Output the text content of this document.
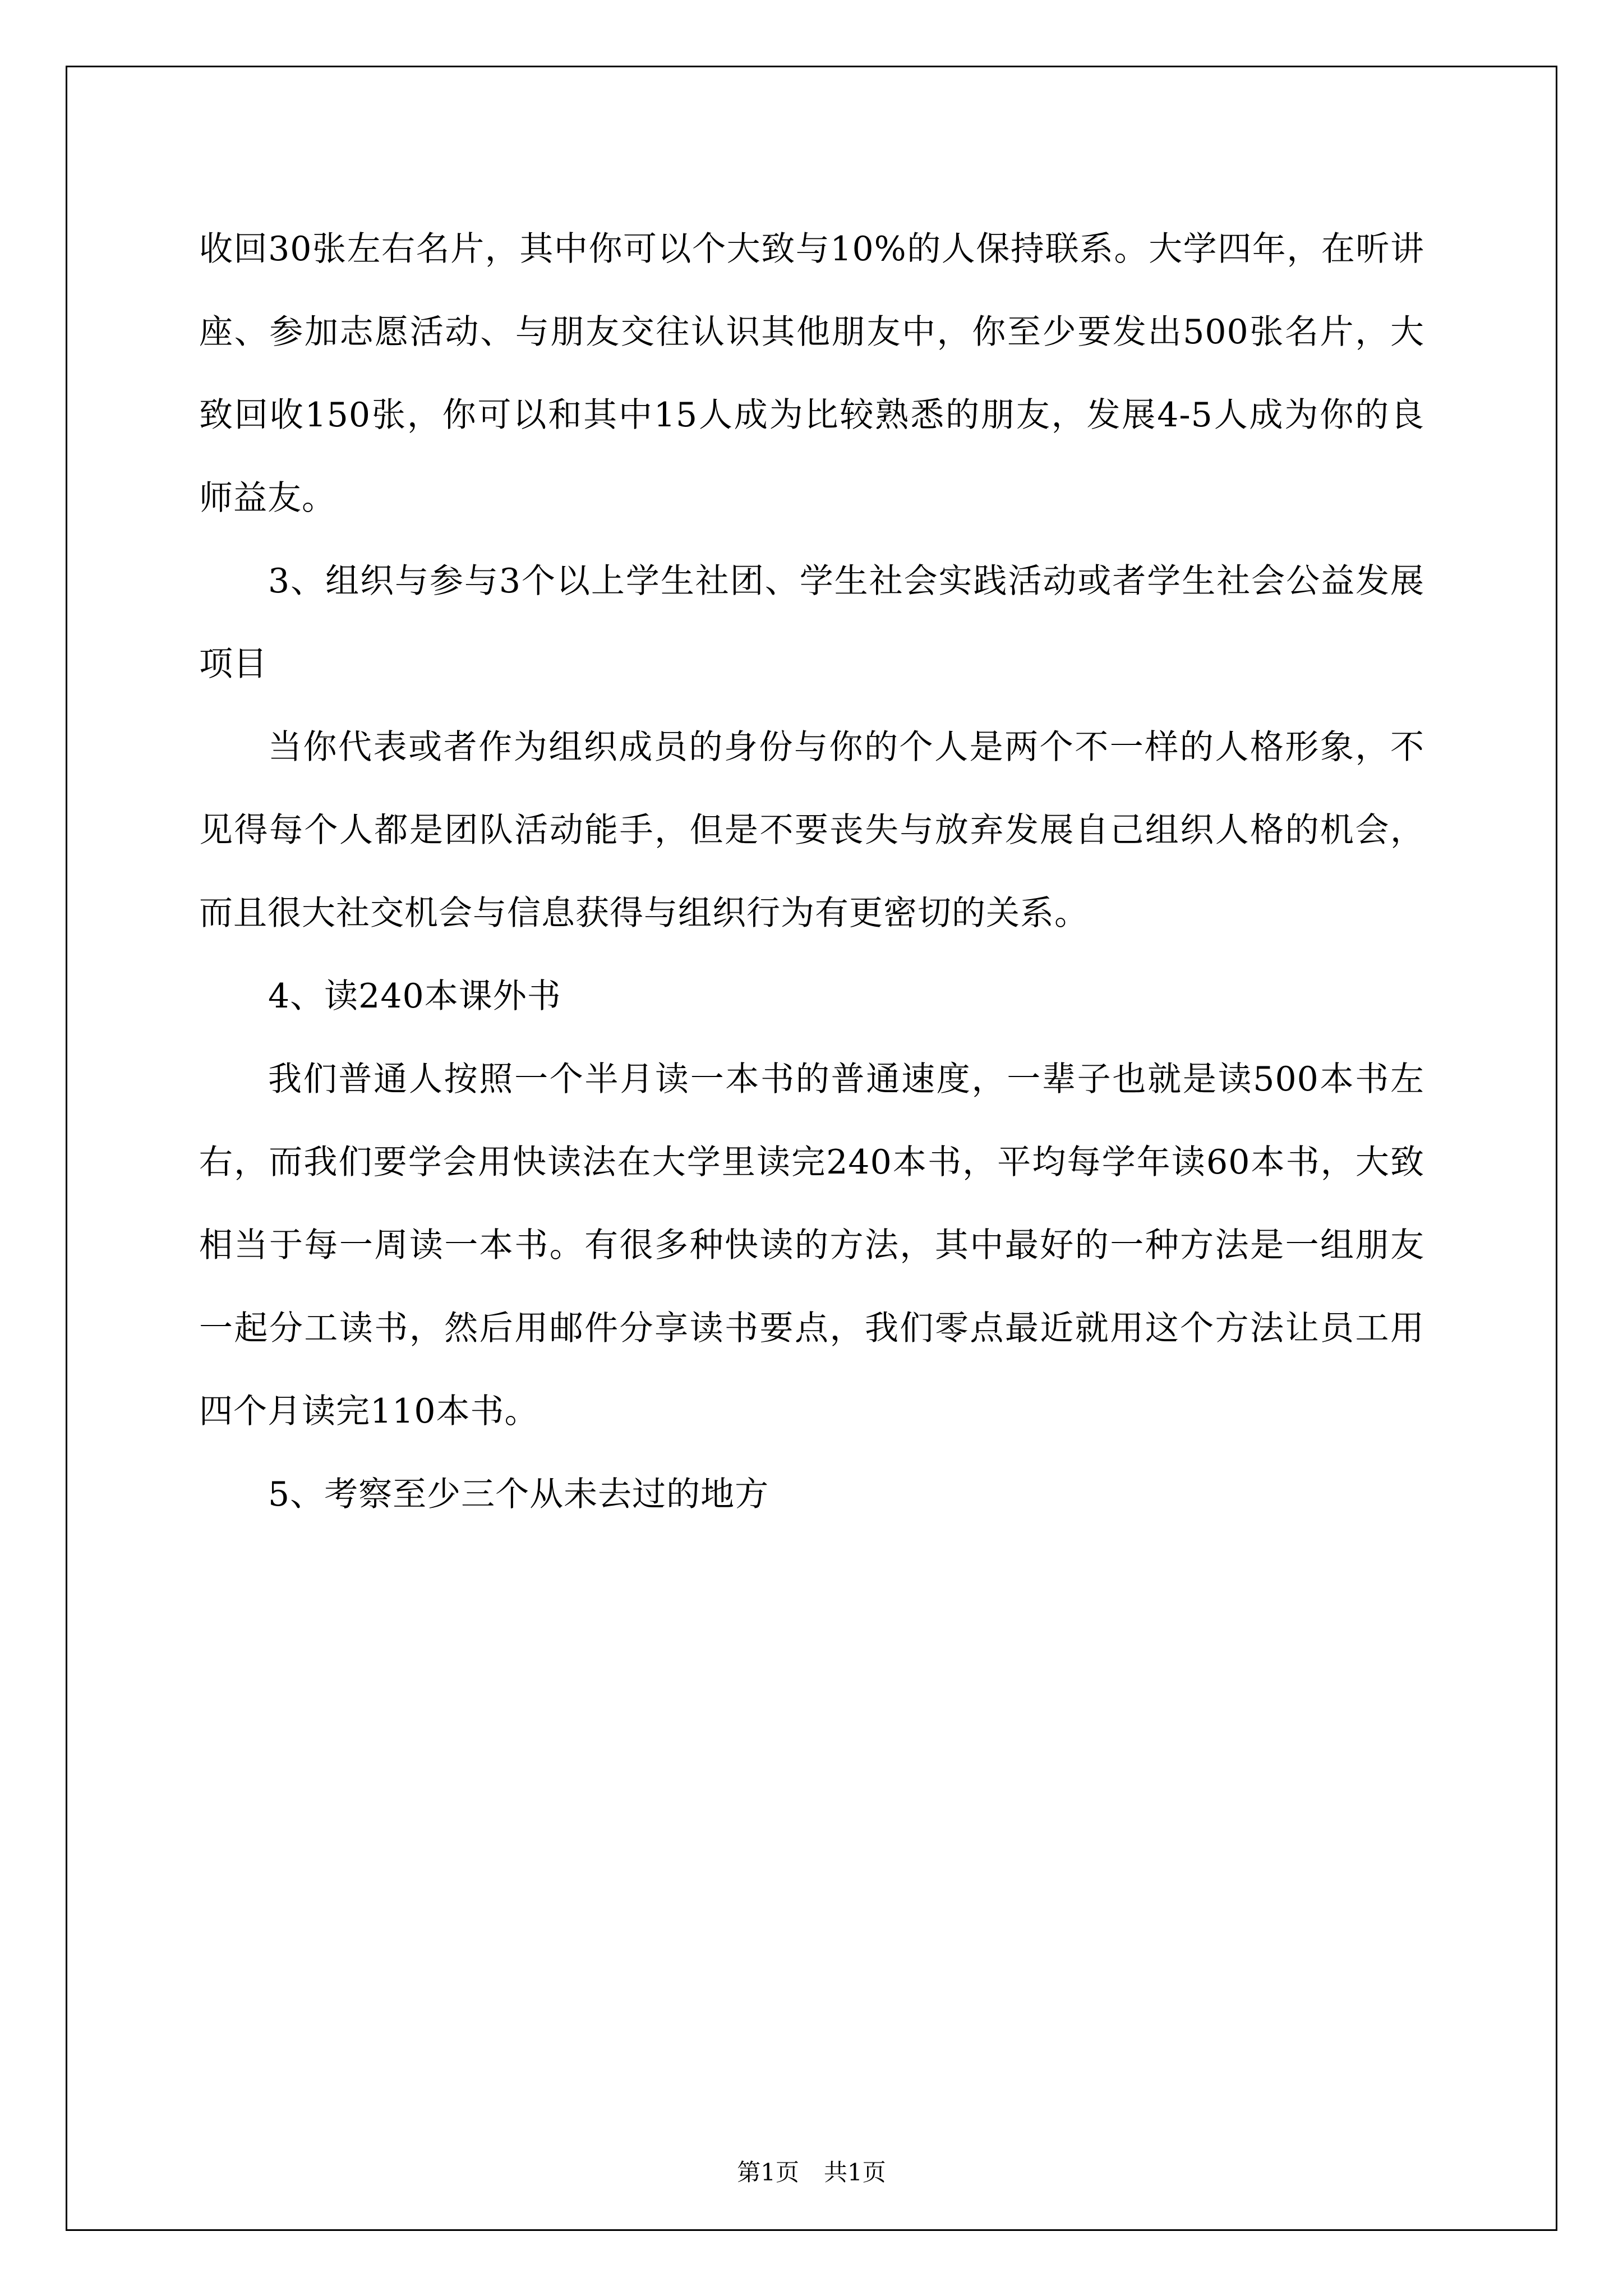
收回30张左右名片，其中你可以个大致与10%的人保持联系。大学四年，在听讲座、参加志愿活动、与朋友交往认识其他朋友中，你至少要发出500张名片，大致回收150张，你可以和其中15人成为比较熟悉的朋友，发展4-5人成为你的良师益友。

3、组织与参与3个以上学生社团、学生社会实践活动或者学生社会公益发展项目

当你代表或者作为组织成员的身份与你的个人是两个不一样的人格形象，不见得每个人都是团队活动能手，但是不要丧失与放弃发展自己组织人格的机会，而且很大社交机会与信息获得与组织行为有更密切的关系。

4、读240本课外书

我们普通人按照一个半月读一本书的普通速度，一辈子也就是读500本书左右，而我们要学会用快读法在大学里读完240本书，平均每学年读60本书，大致相当于每一周读一本书。有很多种快读的方法，其中最好的一种方法是一组朋友一起分工读书，然后用邮件分享读书要点，我们零点最近就用这个方法让员工用四个月读完110本书。

5、考察至少三个从未去过的地方

第1页 共1页
